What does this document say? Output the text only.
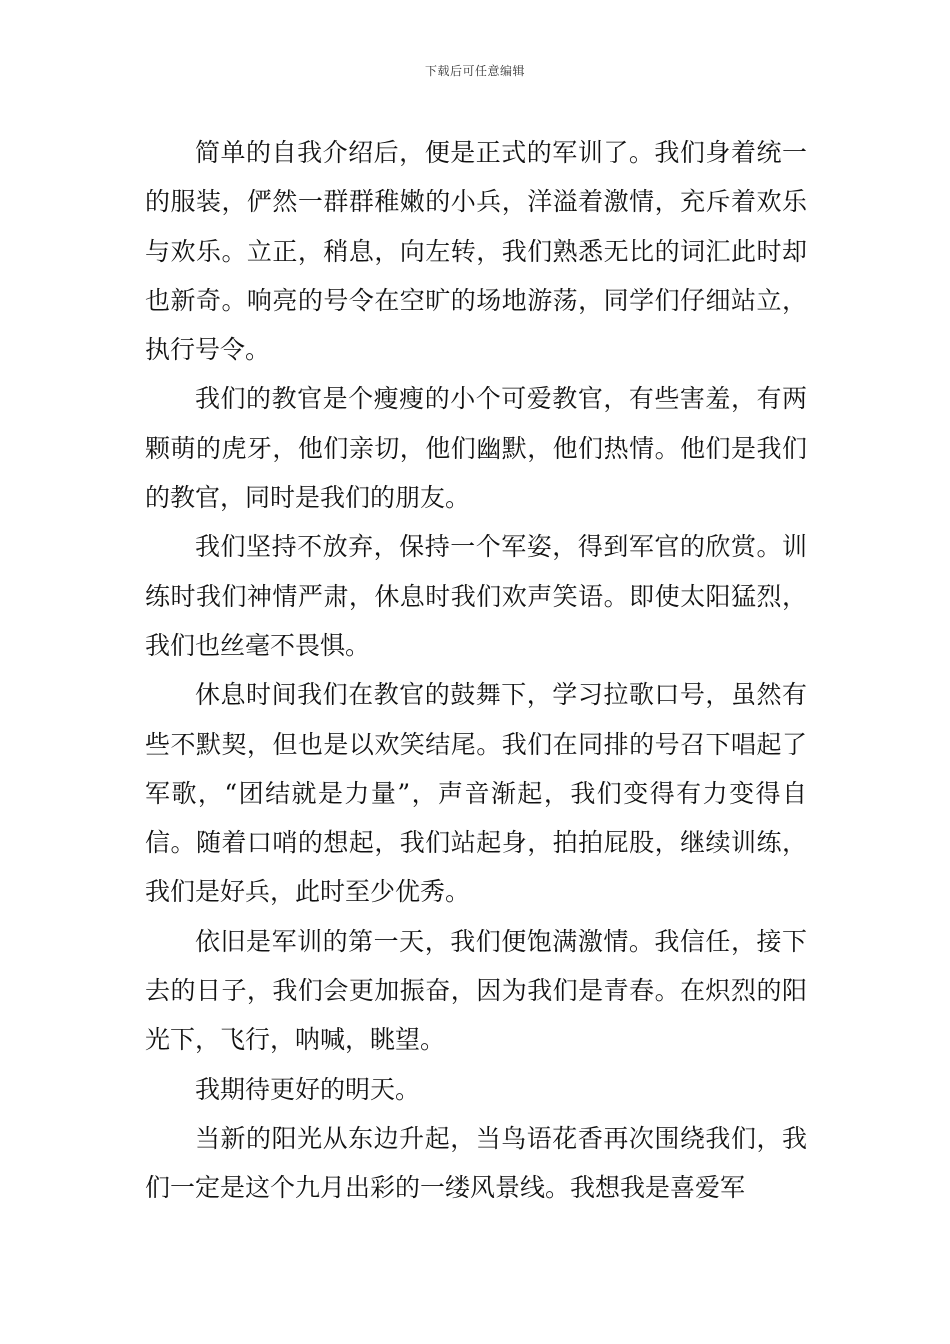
下载后可任意编辑

简单的自我介绍后，便是正式的军训了。我们身着统一的服装，俨然一群群稚嫩的小兵，洋溢着激情，充斥着欢乐与欢乐。立正，稍息，向左转，我们熟悉无比的词汇此时却也新奇。响亮的号令在空旷的场地游荡，同学们仔细站立，执行号令。

我们的教官是个瘦瘦的小个可爱教官，有些害羞，有两颗萌的虎牙，他们亲切，他们幽默，他们热情。他们是我们的教官，同时是我们的朋友。

我们坚持不放弃，保持一个军姿，得到军官的欣赏。训练时我们神情严肃，休息时我们欢声笑语。即使太阳猛烈，我们也丝毫不畏惧。

休息时间我们在教官的鼓舞下，学习拉歌口号，虽然有些不默契，但也是以欢笑结尾。我们在同排的号召下唱起了军歌，“团结就是力量”，声音渐起，我们变得有力变得自信。随着口哨的想起，我们站起身，拍拍屁股，继续训练，我们是好兵，此时至少优秀。

依旧是军训的第一天，我们便饱满激情。我信任，接下去的日子，我们会更加振奋，因为我们是青春。在炽烈的阳光下，飞行，呐喊，眺望。

我期待更好的明天。

当新的阳光从东边升起，当鸟语花香再次围绕我们，我们一定是这个九月出彩的一缕风景线。我想我是喜爱军
